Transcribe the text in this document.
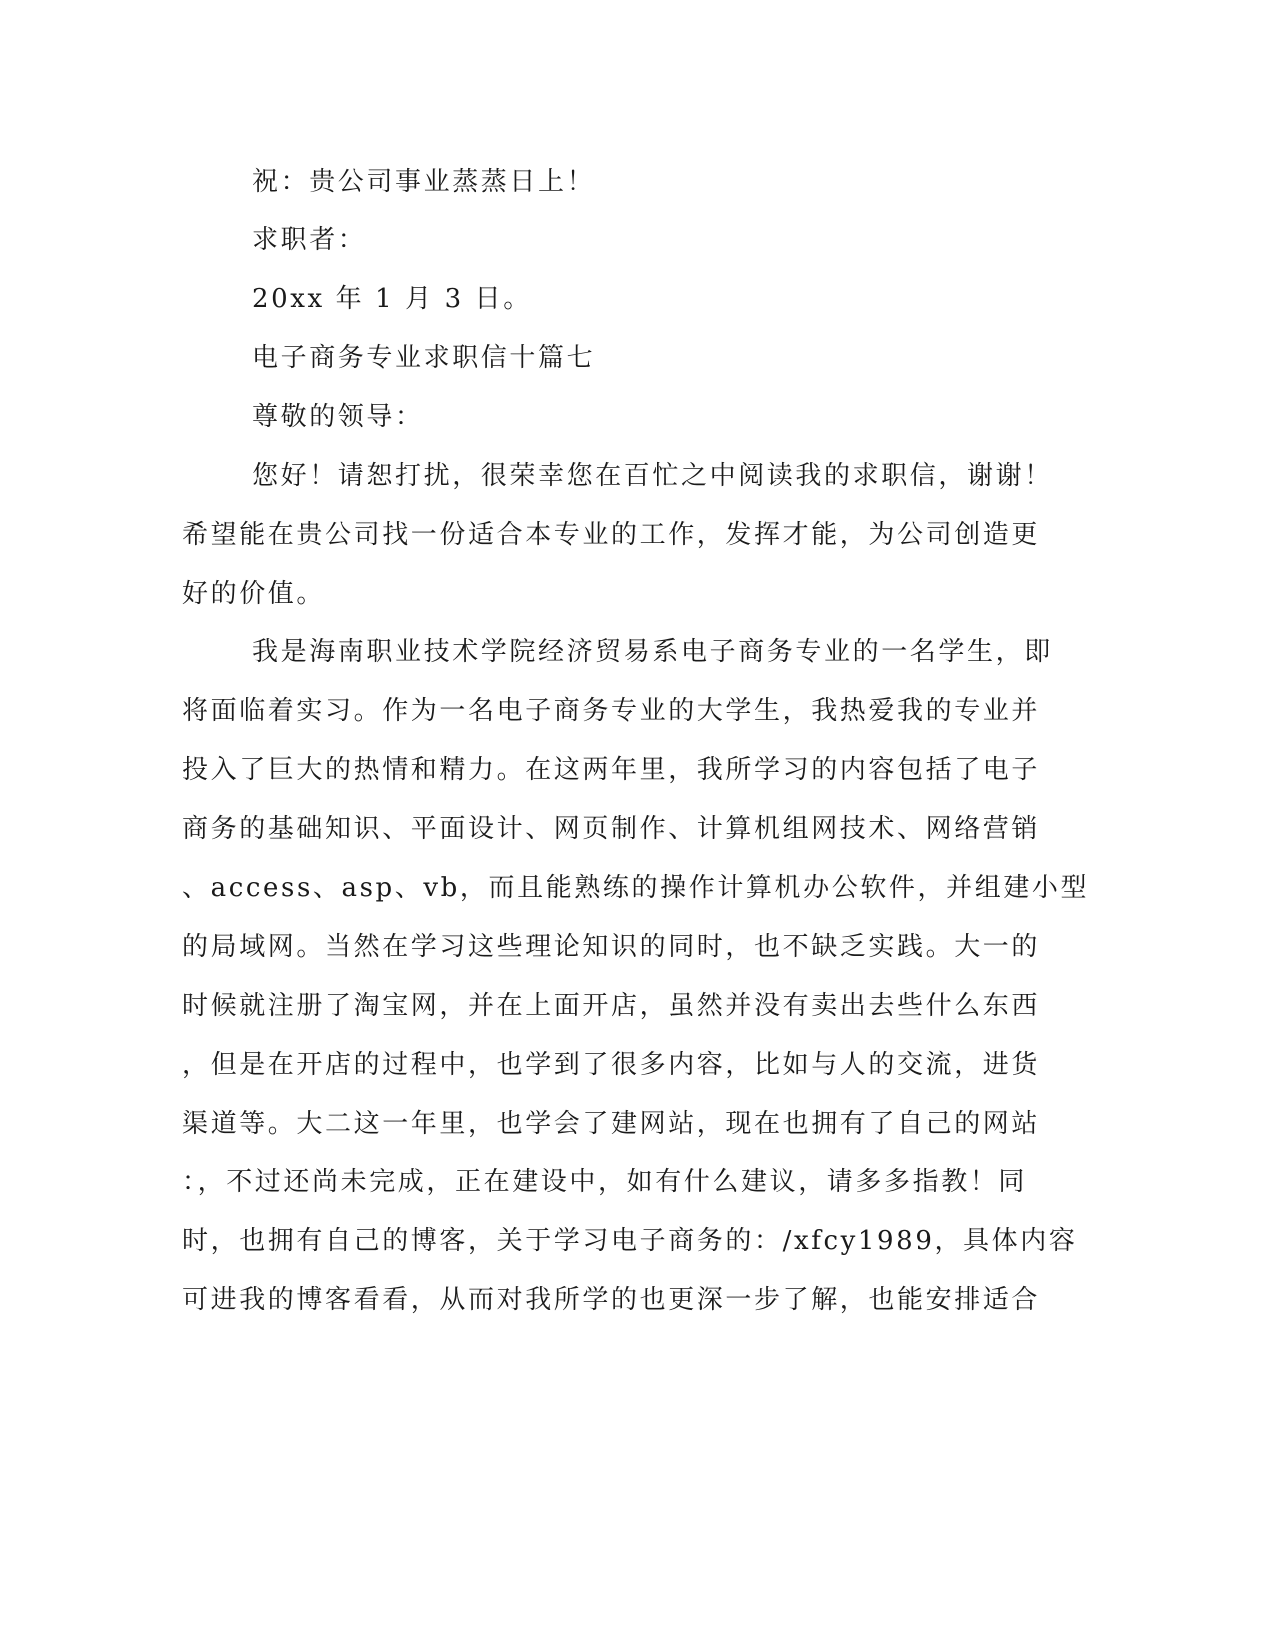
祝：贵公司事业蒸蒸日上！

求职者：

20xx 年 1 月 3 日。

电子商务专业求职信十篇七

尊敬的领导：

您好！请恕打扰，很荣幸您在百忙之中阅读我的求职信，谢谢！

希望能在贵公司找一份适合本专业的工作，发挥才能，为公司创造更

好的价值。

我是海南职业技术学院经济贸易系电子商务专业的一名学生，即

将面临着实习。作为一名电子商务专业的大学生，我热爱我的专业并

投入了巨大的热情和精力。在这两年里，我所学习的内容包括了电子

商务的基础知识、平面设计、网页制作、计算机组网技术、网络营销

、access、asp、vb，而且能熟练的操作计算机办公软件，并组建小型

的局域网。当然在学习这些理论知识的同时，也不缺乏实践。大一的

时候就注册了淘宝网，并在上面开店，虽然并没有卖出去些什么东西

，但是在开店的过程中，也学到了很多内容，比如与人的交流，进货

渠道等。大二这一年里，也学会了建网站，现在也拥有了自己的网站

：，不过还尚未完成，正在建设中，如有什么建议，请多多指教！同

时，也拥有自己的博客，关于学习电子商务的：/xfcy1989，具体内容

可进我的博客看看，从而对我所学的也更深一步了解，也能安排适合
